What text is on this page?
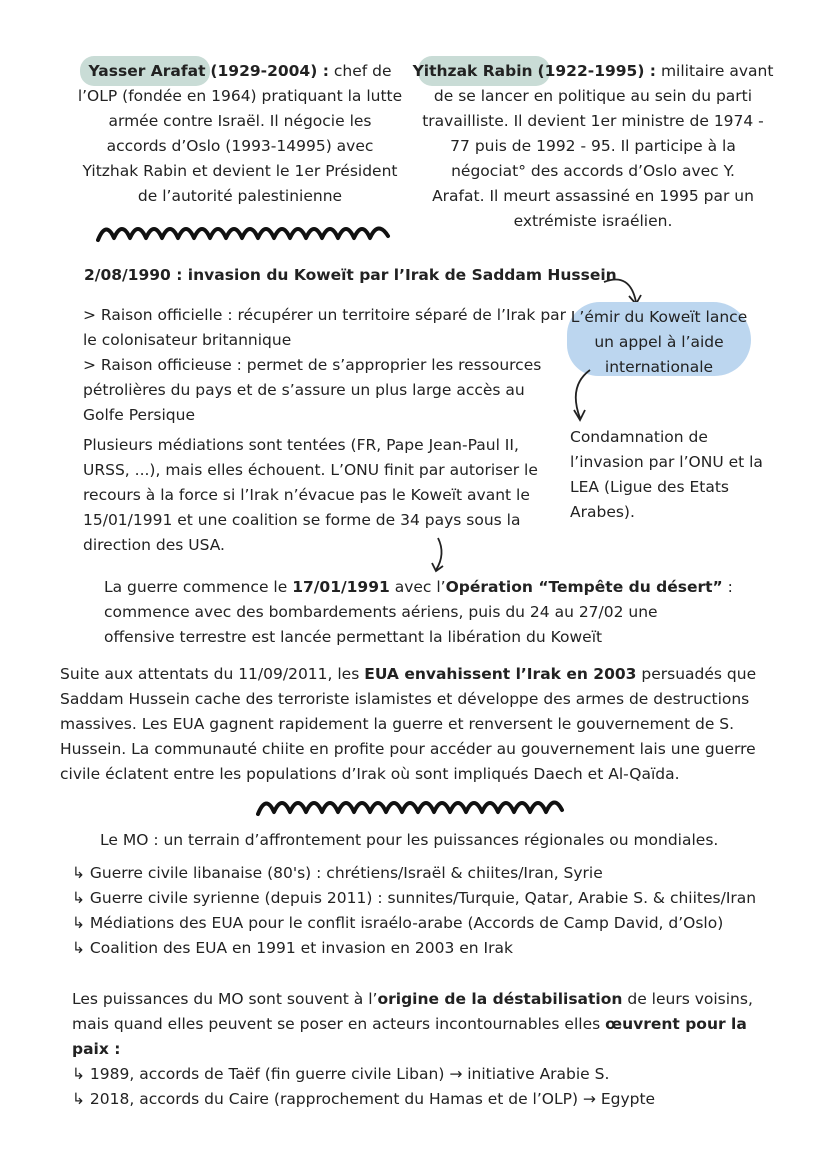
Yasser Arafat (1929-2004) : chef de
l’OLP (fondée en 1964) pratiquant la lutte
armée contre Israël. Il négocie les
accords d’Oslo (1993-14995) avec
Yitzhak Rabin et devient le 1er Président
de l’autorité palestinienne
Yithzak Rabin (1922-1995) : militaire avant
de se lancer en politique au sein du parti
travailliste. Il devient 1er ministre de 1974 -
77 puis de 1992 - 95. Il participe à la
négociat° des accords d’Oslo avec Y.
Arafat. Il meurt assassiné en 1995 par un
extrémiste israélien.
2/08/1990 : invasion du Koweït par l’Irak de Saddam Hussein
> Raison officielle : récupérer un territoire séparé de l’Irak par
le colonisateur britannique
> Raison officieuse : permet de s’approprier les ressources
pétrolières du pays et de s’assure un plus large accès au
Golfe Persique
L’émir du Koweït lance
un appel à l’aide
internationale
Condamnation de
l’invasion par l’ONU et la
LEA (Ligue des Etats
Arabes).
Plusieurs médiations sont tentées (FR, Pape Jean-Paul II,
URSS, ...), mais elles échouent. L’ONU finit par autoriser le
recours à la force si l’Irak n’évacue pas le Koweït avant le
15/01/1991 et une coalition se forme de 34 pays sous la
direction des USA.
La guerre commence le 17/01/1991 avec l’Opération “Tempête du désert” :
commence avec des bombardements aériens, puis du 24 au 27/02 une
offensive terrestre est lancée permettant la libération du Koweït
Suite aux attentats du 11/09/2011, les EUA envahissent l’Irak en 2003 persuadés que
Saddam Hussein cache des terroriste islamistes et développe des armes de destructions
massives. Les EUA gagnent rapidement la guerre et renversent le gouvernement de S.
Hussein. La communauté chiite en profite pour accéder au gouvernement lais une guerre
civile éclatent entre les populations d’Irak où sont impliqués Daech et Al-Qaïda.
Le MO : un terrain d’affrontement pour les puissances régionales ou mondiales.
↳ Guerre civile libanaise (80's) : chrétiens/Israël & chiites/Iran, Syrie
↳ Guerre civile syrienne (depuis 2011) : sunnites/Turquie, Qatar, Arabie S. & chiites/Iran
↳ Médiations des EUA pour le conflit israélo-arabe (Accords de Camp David, d’Oslo)
↳ Coalition des EUA en 1991 et invasion en 2003 en Irak
Les puissances du MO sont souvent à l’origine de la déstabilisation de leurs voisins,
mais quand elles peuvent se poser en acteurs incontournables elles œuvrent pour la
paix :
↳ 1989, accords de Taëf (fin guerre civile Liban) → initiative Arabie S.
↳ 2018, accords du Caire (rapprochement du Hamas et de l’OLP) → Egypte
